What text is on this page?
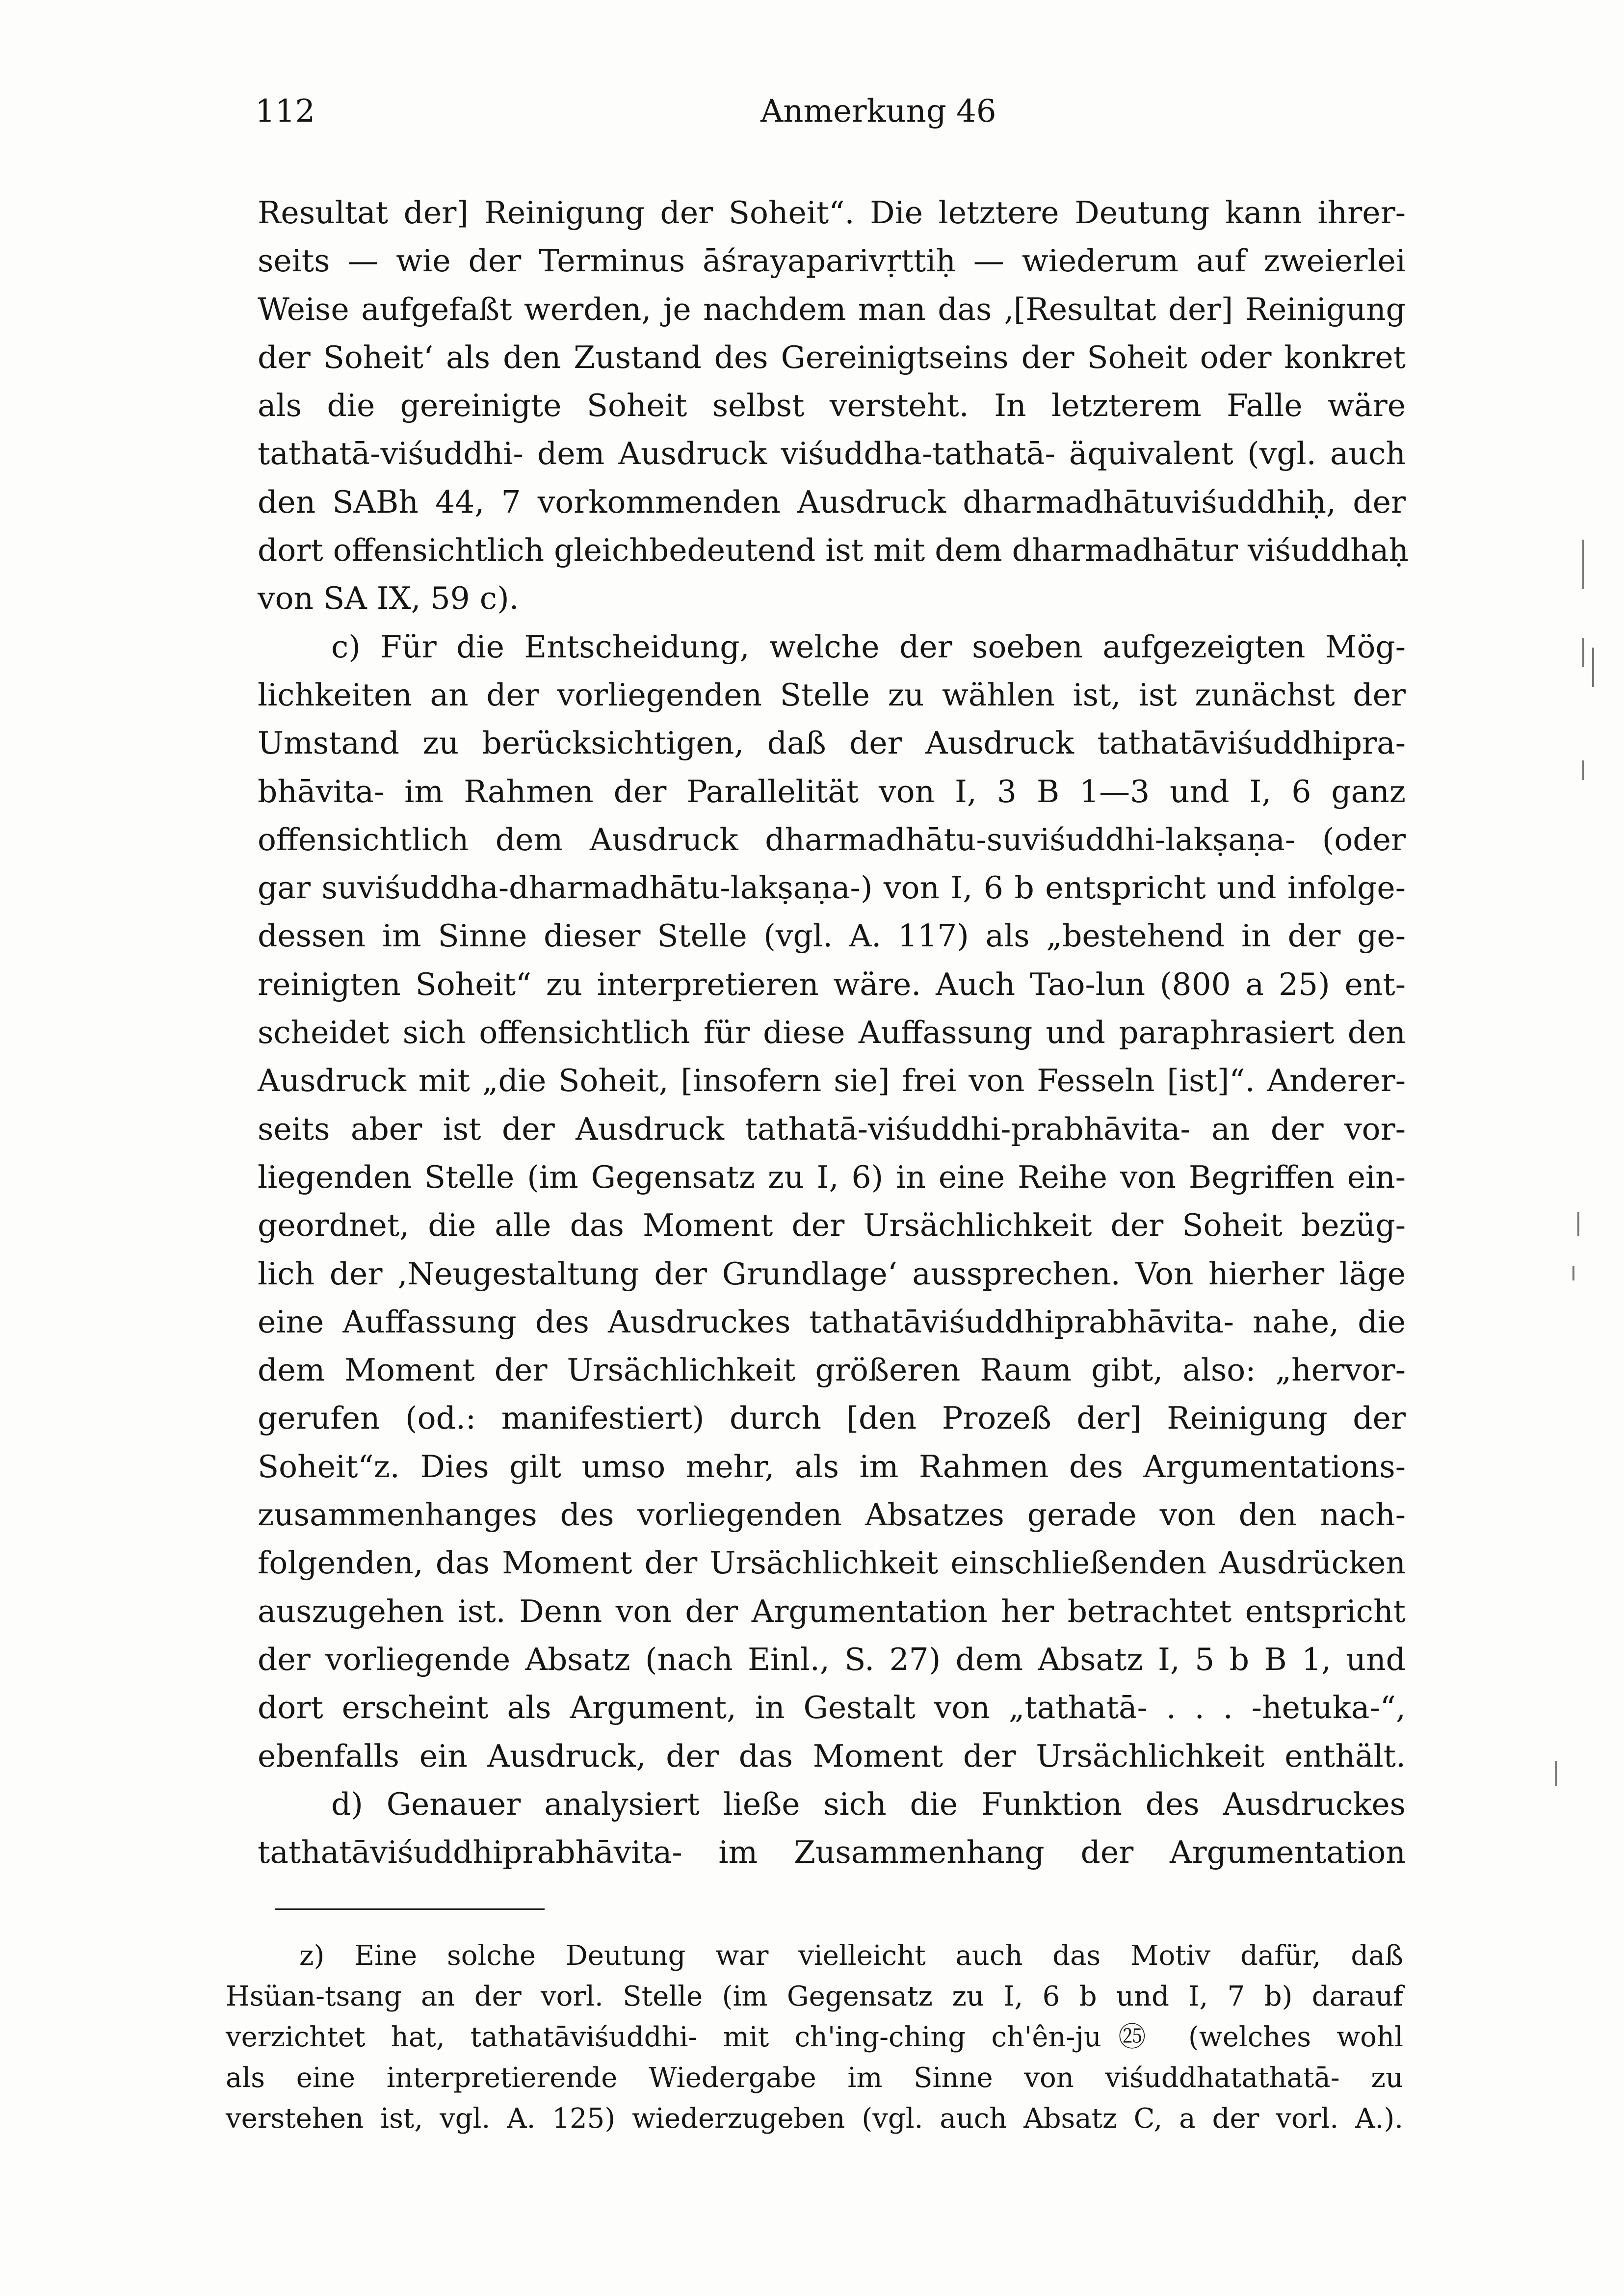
112	Anmerkung 46
Resultat der] Reinigung der Soheit“. Die letztere Deutung kann ihrer-
seits — wie der Terminus āśrayaparivṛttiḥ — wiederum auf zweierlei
Weise aufgefaßt werden, je nachdem man das ‚[Resultat der] Reinigung
der Soheit‘ als den Zustand des Gereinigtseins der Soheit oder konkret
als die gereinigte Soheit selbst versteht. In letzterem Falle wäre
tathatā-viśuddhi- dem Ausdruck viśuddha-tathatā- äquivalent (vgl. auch
den SABh 44, 7 vorkommenden Ausdruck dharmadhātuviśuddhiḥ, der
dort offensichtlich gleichbedeutend ist mit dem dharmadhātur viśuddhaḥ
von SA IX, 59 c).
c) Für die Entscheidung, welche der soeben aufgezeigten Mög-
lichkeiten an der vorliegenden Stelle zu wählen ist, ist zunächst der
Umstand zu berücksichtigen, daß der Ausdruck tathatāviśuddhipra-
bhāvita- im Rahmen der Parallelität von I, 3 B 1—3 und I, 6 ganz
offensichtlich dem Ausdruck dharmadhātu-suviśuddhi-lakṣaṇa- (oder
gar suviśuddha-dharmadhātu-lakṣaṇa-) von I, 6 b entspricht und infolge-
dessen im Sinne dieser Stelle (vgl. A. 117) als „bestehend in der ge-
reinigten Soheit“ zu interpretieren wäre. Auch Tao-lun (800 a 25) ent-
scheidet sich offensichtlich für diese Auffassung und paraphrasiert den
Ausdruck mit „die Soheit, [insofern sie] frei von Fesseln [ist]“. Anderer-
seits aber ist der Ausdruck tathatā-viśuddhi-prabhāvita- an der vor-
liegenden Stelle (im Gegensatz zu I, 6) in eine Reihe von Begriffen ein-
geordnet, die alle das Moment der Ursächlichkeit der Soheit bezüg-
lich der ‚Neugestaltung der Grundlage‘ aussprechen. Von hierher läge
eine Auffassung des Ausdruckes tathatāviśuddhiprabhāvita- nahe, die
dem Moment der Ursächlichkeit größeren Raum gibt, also: „hervor-
gerufen (od.: manifestiert) durch [den Prozeß der] Reinigung der
Soheit“z. Dies gilt umso mehr, als im Rahmen des Argumentations-
zusammenhanges des vorliegenden Absatzes gerade von den nach-
folgenden, das Moment der Ursächlichkeit einschließenden Ausdrücken
auszugehen ist. Denn von der Argumentation her betrachtet entspricht
der vorliegende Absatz (nach Einl., S. 27) dem Absatz I, 5 b B 1, und
dort erscheint als Argument, in Gestalt von „tathatā- . . . -hetuka-“,
ebenfalls ein Ausdruck, der das Moment der Ursächlichkeit enthält.
d) Genauer analysiert ließe sich die Funktion des Ausdruckes
tathatāviśuddhiprabhāvita- im Zusammenhang der Argumentation
z) Eine solche Deutung war vielleicht auch das Motiv dafür, daß
Hsüan-tsang an der vorl. Stelle (im Gegensatz zu I, 6 b und I, 7 b) darauf
verzichtet hat, tathatāviśuddhi- mit ch'ing-ching ch'ên-ju㉕ (welches wohl
als eine interpretierende Wiedergabe im Sinne von viśuddhatathatā- zu
verstehen ist, vgl. A. 125) wiederzugeben (vgl. auch Absatz C, a der vorl. A.).
